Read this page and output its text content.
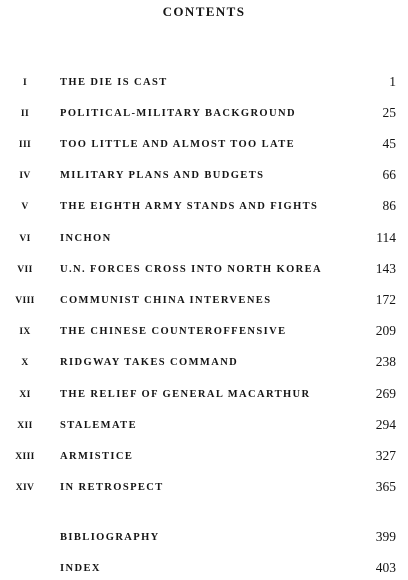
CONTENTS
I	THE DIE IS CAST	1
II	POLITICAL-MILITARY BACKGROUND	25
III	TOO LITTLE AND ALMOST TOO LATE	45
IV	MILITARY PLANS AND BUDGETS	66
V	THE EIGHTH ARMY STANDS AND FIGHTS	86
VI	INCHON	114
VII	U.N. FORCES CROSS INTO NORTH KOREA	143
VIII	COMMUNIST CHINA INTERVENES	172
IX	THE CHINESE COUNTEROFFENSIVE	209
X	RIDGWAY TAKES COMMAND	238
XI	THE RELIEF OF GENERAL MACARTHUR	269
XII	STALEMATE	294
XIII	ARMISTICE	327
XIV	IN RETROSPECT	365
BIBLIOGRAPHY	399
INDEX	403
